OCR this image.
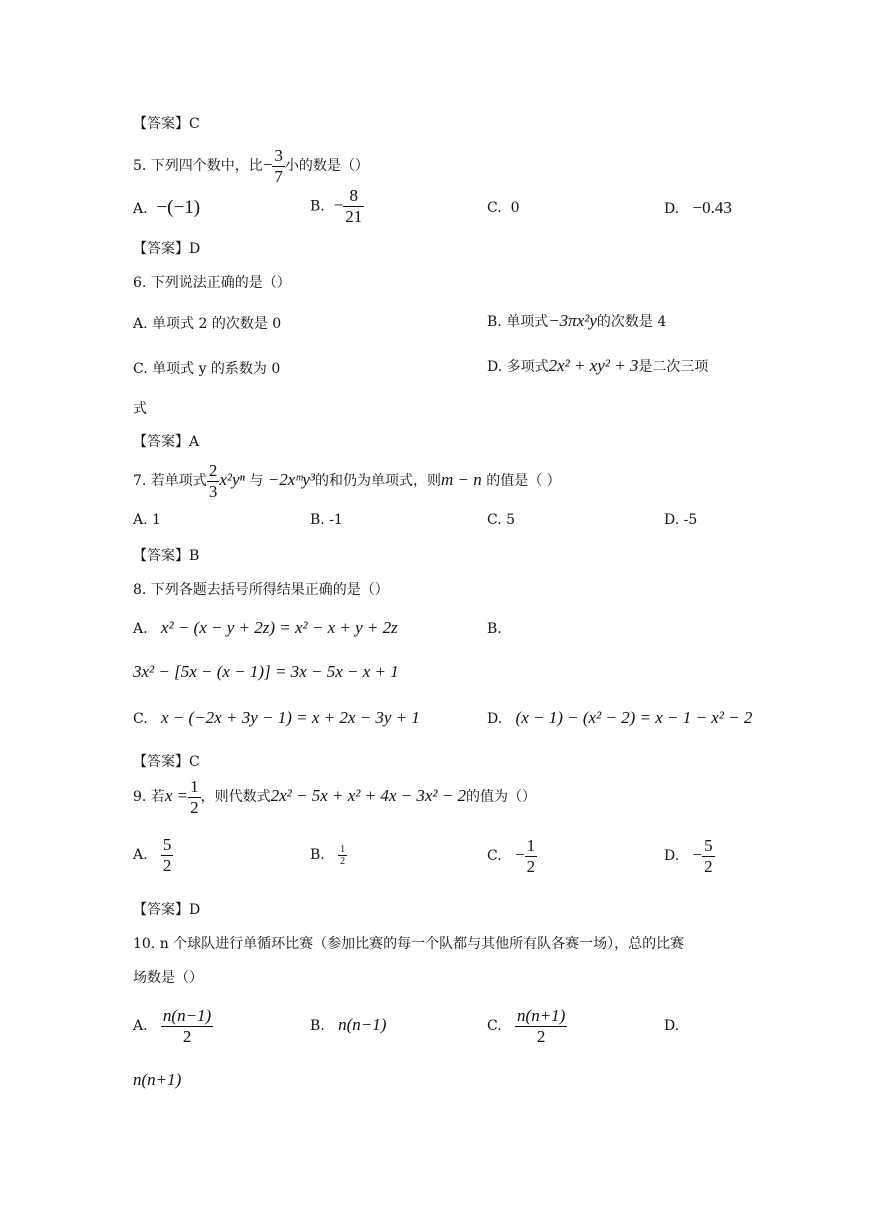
【答案】C
5. 下列四个数中，比− $\frac{3}{7}$ 小的数是（）
A. −(−1)	B. − $\frac{8}{21}$	C. 0	D. −0.43
【答案】D
6. 下列说法正确的是（）
A. 单项式 2 的次数是 0	B. 单项式−3πx²y的次数是 4
C. 单项式 y 的系数为 0	D. 多项式2x² + xy² + 3是二次三项
式
【答案】A
7. 若单项式 $\frac{2}{3} x^2y^n$ 与 −2xᵐy³的和仍为单项式，则m − n 的值是（ ）
A. 1	B. -1	C. 5	D. -5
【答案】B
8. 下列各题去括号所得结果正确的是（）
A. x² − (x − y + 2z) = x² − x + y + 2z	B.
3x² − [5x − (x − 1)] = 3x − 5x − x + 1
C. x − (−2x + 3y − 1) = x + 2x − 3y + 1	D. (x − 1) − (x² − 2) = x − 1 − x² − 2
【答案】C
9. 若$x = \frac{1}{2}$ ，则代数式2x² − 5x + x² + 4x − 3x² − 2的值为（）
A. $\frac{5}{2}$	B. $\frac{1}{2}$	C. − $\frac{1}{2}$	D. − $\frac{5}{2}$
【答案】D
10. n 个球队进行单循环比赛（参加比赛的每一个队都与其他所有队各赛一场），总的比赛
场数是（）
A. $\frac{n(n-1)}{2}$	B. n(n−1)	C. $\frac{n(n+1)}{2}$	D.
n(n+1)
